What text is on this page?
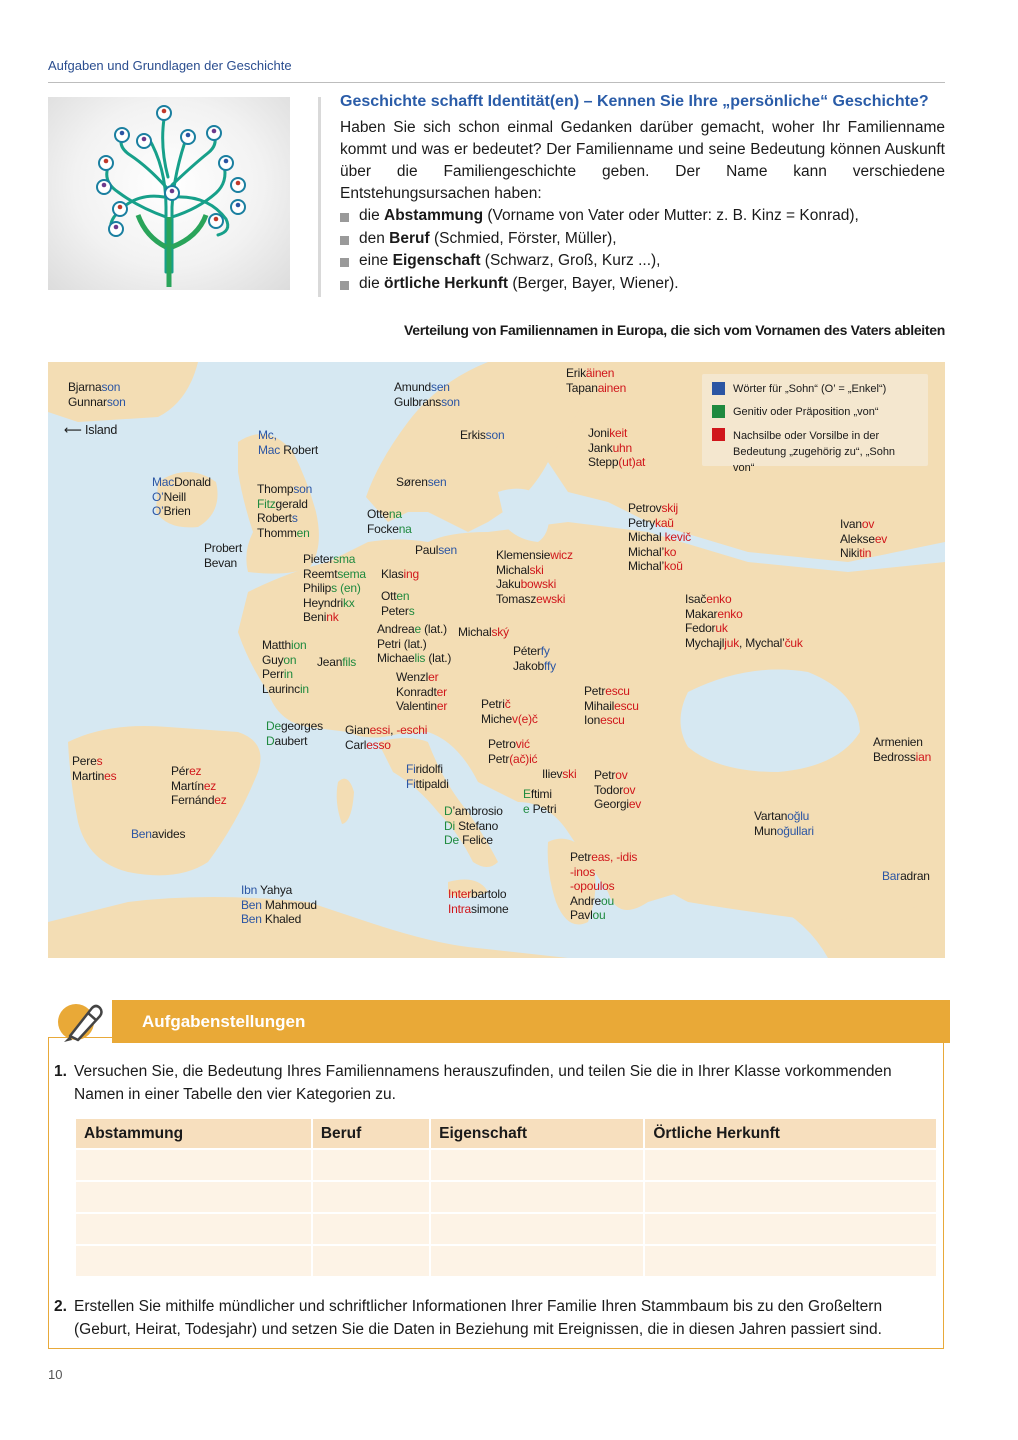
Aufgaben und Grundlagen der Geschichte
Geschichte schafft Identität(en) – Kennen Sie Ihre „persönliche“ Geschichte?

Haben Sie sich schon einmal Gedanken darüber gemacht, woher Ihr Familienname kommt und was er bedeutet? Der Familienname und seine Bedeutung können Auskunft über die Familiengeschichte geben. Der Name kann verschiedene Entstehungsursachen haben:

die Abstammung (Vorname von Vater oder Mutter: z. B. Kinz = Konrad),
den Beruf (Schmied, Förster, Müller),
eine Eigenschaft (Schwarz, Groß, Kurz ...),
die örtliche Herkunft (Berger, Bayer, Wiener).
Verteilung von Familiennamen in Europa, die sich vom Vornamen des Vaters ableiten
Wörter für „Sohn“ (O’ = „Enkel“)
Genitiv oder Präposition „von“
Nachsilbe oder Vorsilbe in der Bedeutung „zugehörig zu“, „Sohn von“
⟵ Island
Bjarnason
Gunnarson
Amundsen
Gulbransson
Erikäinen
Tapanainen
Mc,
Mac Robert
Erkisson	Jonikeit
Jankuhn
Stepp(ut)at
MacDonald
O’Neill
O’Brien
Thompson
Fitzgerald
Roberts
Thommen
Sørensen
Ottena
Fockena
Petrovskij
Petrykaŭ
Michal kevič
Michal’ko
Michal’koŭ
Ivanov
Alekseev
Nikitin
Probert
Bevan	Pietersma
Reemtsema
Philips (en)
Heyndrikx
Benink
Paulsen	Klemensiewicz
Michalski
Jakubowski
Tomaszewski
Klasing
Otten
Peters
Isačenko
Makarenko
Fedoruk
Mychajljuk, Mychal’čuk
Andreae (lat.)
Petri (lat.)
Michaelis (lat.)
Michalský
Matthion
Guyon
Perrin
Laurincin
Jeanfils
Péterfy
Jakobffy
Wenzler
Konradter
Valentiner
Petrescu
Mihailescu
Ionescu
Petrič
Michev(e)č
Degeorges
Daubert
Gianessi, -eschi
Carlesso	Petrović
Petr(ač)ić
Armenien
Bedrossian
Peres
Martines	Pérez
Martínez
Fernández
Firidolfi
Fittipaldi
Ilievski Petrov
Todorov
Georgiev
Eftimi
e Petri
D’ambrosio
Di Stefano
De Felice
Vartanoğlu
Munoğullari
Benavides
Petreas, -idis
-inos
-opoulos
Andreou
Pavlou
Baradran
Ibn Yahya
Ben Mahmoud
Ben Khaled
Interbartolo
Intrasimone
Aufgabenstellungen
1. Versuchen Sie, die Bedeutung Ihres Familiennamens herauszufinden, und teilen Sie die in Ihrer Klasse vorkommenden Namen in einer Tabelle den vier Kategorien zu.
Abstammung	Beruf	Eigenschaft	Örtliche Herkunft

2. Erstellen Sie mithilfe mündlicher und schriftlicher Informationen Ihrer Familie Ihren Stammbaum bis zu den Großeltern (Geburt, Heirat, Todesjahr) und setzen Sie die Daten in Beziehung mit Ereignissen, die in diesen Jahren passiert sind.
10
